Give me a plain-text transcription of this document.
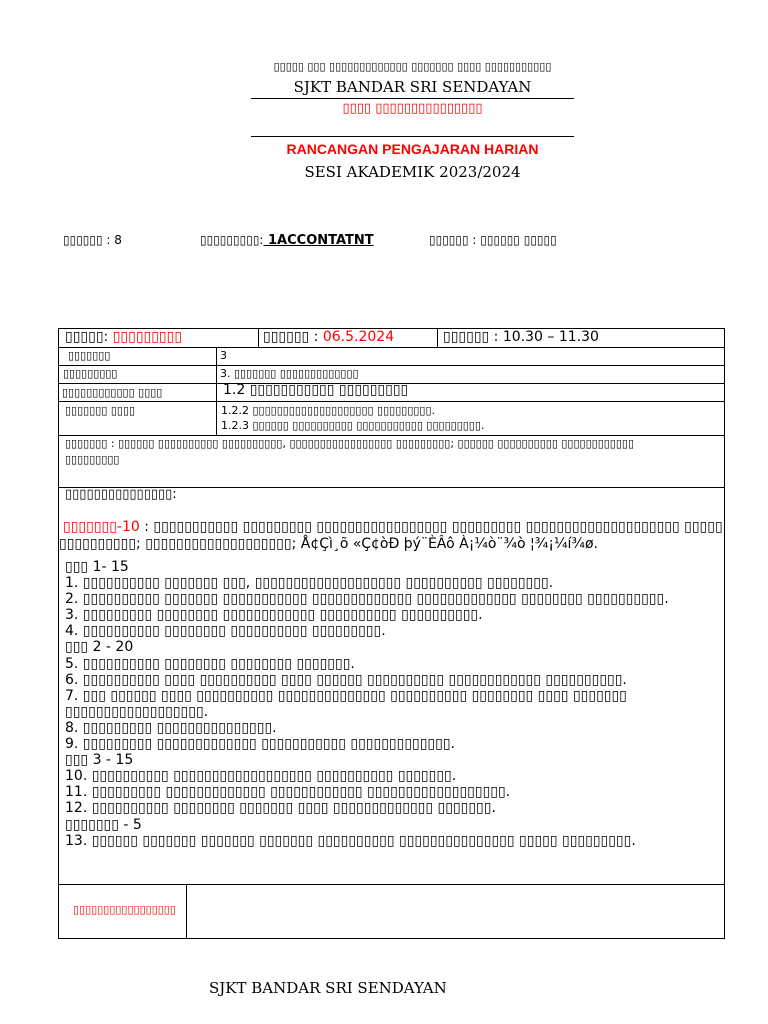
▯▯▯▯▯ ▯▯▯ ▯▯▯▯▯▯▯▯▯▯▯▯▯ ▯▯▯▯▯▯▯ ▯▯▯▯ ▯▯▯▯▯▯▯▯▯▯▯
SJKT BANDAR SRI SENDAYAN
▯▯▯▯ ▯▯▯▯▯▯▯▯▯▯▯▯▯▯▯
RANCANGAN PENGAJARAN HARIAN
SESI AKADEMIK 2023/2024
▯▯▯▯▯▯ : 8	▯▯▯▯▯▯▯▯▯: 1ACCONTATNT	▯▯▯▯▯▯ : ▯▯▯▯▯▯ ▯▯▯▯▯
▯▯▯▯▯: ▯▯▯▯▯▯▯▯▯	▯▯▯▯▯▯ : 06.5.2024	▯▯▯▯▯▯ : 10.30 – 11.30
▯▯▯▯▯▯▯	3
▯▯▯▯▯▯▯▯▯	3. ▯▯▯▯▯▯▯ ▯▯▯▯▯▯▯▯▯▯▯▯▯
▯▯▯▯▯▯▯▯▯▯▯▯ ▯▯▯▯	1.2 ▯▯▯▯▯▯▯▯▯▯▯ ▯▯▯▯▯▯▯▯▯
▯▯▯▯▯▯▯ ▯▯▯▯	1.2.2 ▯▯▯▯▯▯▯▯▯▯▯▯▯▯▯▯▯▯▯▯ ▯▯▯▯▯▯▯▯▯.
1.2.3 ▯▯▯▯▯▯ ▯▯▯▯▯▯▯▯▯▯ ▯▯▯▯▯▯▯▯▯▯▯ ▯▯▯▯▯▯▯▯▯.
▯▯▯▯▯▯▯ : ▯▯▯▯▯▯ ▯▯▯▯▯▯▯▯▯▯ ▯▯▯▯▯▯▯▯▯▯, ▯▯▯▯▯▯▯▯▯▯▯▯▯▯▯▯▯ ▯▯▯▯▯▯▯▯▯; ▯▯▯▯▯▯ ▯▯▯▯▯▯▯▯▯▯ ▯▯▯▯▯▯▯▯▯▯▯▯
▯▯▯▯▯▯▯▯▯
▯▯▯▯▯▯▯▯▯▯▯▯▯▯▯:
▯▯▯▯▯▯▯-10 : ▯▯▯▯▯▯▯▯▯▯▯ ▯▯▯▯▯▯▯▯▯ ▯▯▯▯▯▯▯▯▯▯▯▯▯▯▯▯▯ ▯▯▯▯▯▯▯▯▯ ▯▯▯▯▯▯▯▯▯▯▯▯▯▯▯▯▯▯▯▯ ▯▯▯▯▯
▯▯▯▯▯▯▯▯▯▯; ▯▯▯▯▯▯▯▯▯▯▯▯▯▯▯▯▯▯▯; Å¢Çì¸õ «Ç¢òÐ þý¨ÈÂô À¡¼ò¨¾ò ¦¾¡¼í¾ø.
▯▯▯ 1- 15
1. ▯▯▯▯▯▯▯▯▯▯ ▯▯▯▯▯▯▯ ▯▯▯, ▯▯▯▯▯▯▯▯▯▯▯▯▯▯▯▯▯▯▯ ▯▯▯▯▯▯▯▯▯▯ ▯▯▯▯▯▯▯▯.
2. ▯▯▯▯▯▯▯▯▯▯ ▯▯▯▯▯▯▯ ▯▯▯▯▯▯▯▯▯▯▯ ▯▯▯▯▯▯▯▯▯▯▯▯▯ ▯▯▯▯▯▯▯▯▯▯▯▯▯ ▯▯▯▯▯▯▯▯ ▯▯▯▯▯▯▯▯▯▯.
3. ▯▯▯▯▯▯▯▯▯ ▯▯▯▯▯▯▯▯ ▯▯▯▯▯▯▯▯▯▯▯▯ ▯▯▯▯▯▯▯▯▯▯ ▯▯▯▯▯▯▯▯▯▯.
4. ▯▯▯▯▯▯▯▯▯▯ ▯▯▯▯▯▯▯▯ ▯▯▯▯▯▯▯▯▯▯ ▯▯▯▯▯▯▯▯▯.
▯▯▯ 2 - 20
5. ▯▯▯▯▯▯▯▯▯▯ ▯▯▯▯▯▯▯▯ ▯▯▯▯▯▯▯▯ ▯▯▯▯▯▯▯.
6. ▯▯▯▯▯▯▯▯▯▯ ▯▯▯▯ ▯▯▯▯▯▯▯▯▯▯ ▯▯▯▯ ▯▯▯▯▯▯ ▯▯▯▯▯▯▯▯▯▯ ▯▯▯▯▯▯▯▯▯▯▯▯ ▯▯▯▯▯▯▯▯▯▯.
7. ▯▯▯ ▯▯▯▯▯▯ ▯▯▯▯ ▯▯▯▯▯▯▯▯▯▯ ▯▯▯▯▯▯▯▯▯▯▯▯▯▯ ▯▯▯▯▯▯▯▯▯▯ ▯▯▯▯▯▯▯▯ ▯▯▯▯ ▯▯▯▯▯▯▯
▯▯▯▯▯▯▯▯▯▯▯▯▯▯▯▯▯▯.
8. ▯▯▯▯▯▯▯▯▯ ▯▯▯▯▯▯▯▯▯▯▯▯▯▯▯.
9. ▯▯▯▯▯▯▯▯▯ ▯▯▯▯▯▯▯▯▯▯▯▯▯ ▯▯▯▯▯▯▯▯▯▯▯ ▯▯▯▯▯▯▯▯▯▯▯▯▯.
▯▯▯ 3 - 15
10. ▯▯▯▯▯▯▯▯▯▯ ▯▯▯▯▯▯▯▯▯▯▯▯▯▯▯▯▯▯ ▯▯▯▯▯▯▯▯▯▯ ▯▯▯▯▯▯▯.
11. ▯▯▯▯▯▯▯▯▯ ▯▯▯▯▯▯▯▯▯▯▯▯▯ ▯▯▯▯▯▯▯▯▯▯▯▯ ▯▯▯▯▯▯▯▯▯▯▯▯▯▯▯▯▯▯.
12. ▯▯▯▯▯▯▯▯▯▯ ▯▯▯▯▯▯▯▯ ▯▯▯▯▯▯▯ ▯▯▯▯ ▯▯▯▯▯▯▯▯▯▯▯▯▯ ▯▯▯▯▯▯▯.
▯▯▯▯▯▯▯ - 5
13. ▯▯▯▯▯▯ ▯▯▯▯▯▯▯ ▯▯▯▯▯▯▯ ▯▯▯▯▯▯▯ ▯▯▯▯▯▯▯▯▯▯ ▯▯▯▯▯▯▯▯▯▯▯▯▯▯▯ ▯▯▯▯▯ ▯▯▯▯▯▯▯▯▯.
▯▯▯▯▯▯▯▯▯▯▯▯▯▯▯▯▯
SJKT BANDAR SRI SENDAYAN
